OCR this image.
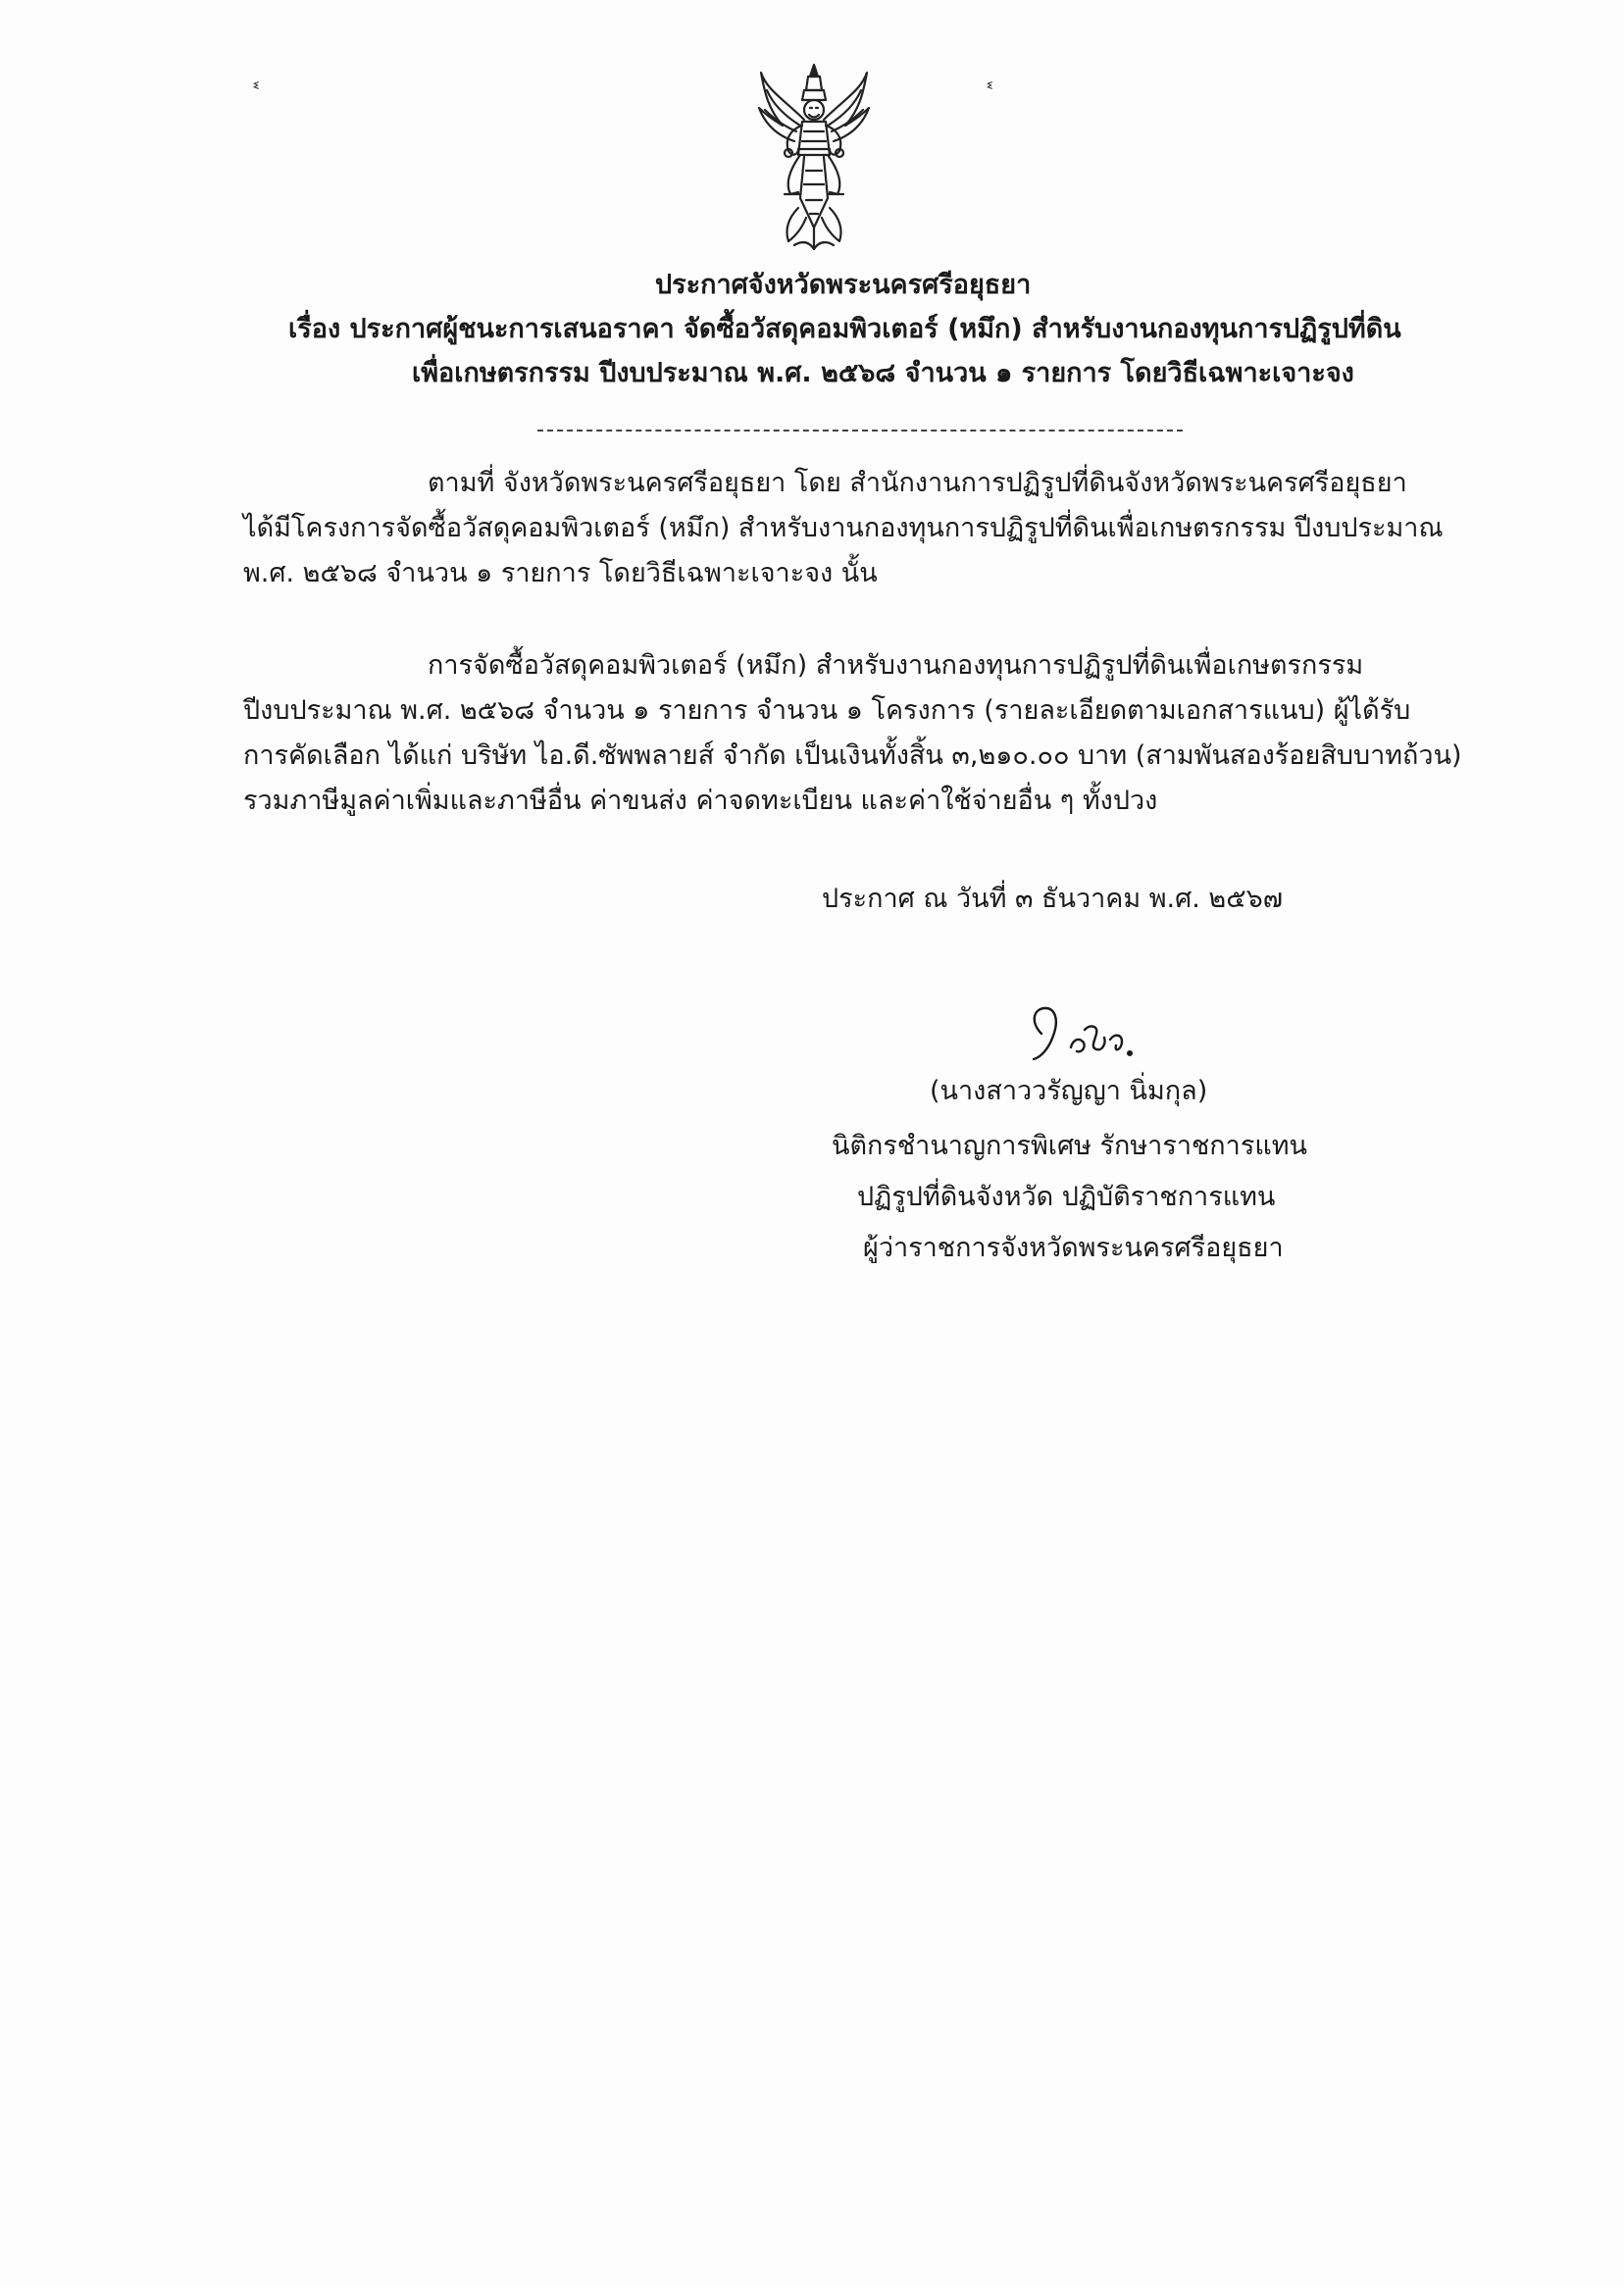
ᓫ	ᓫ
ประกาศจังหวัดพระนครศรีอยุธยา
เรื่อง ประกาศผู้ชนะการเสนอราคา จัดซื้อวัสดุคอมพิวเตอร์ (หมึก) สำหรับงานกองทุนการปฏิรูปที่ดิน
เพื่อเกษตรกรรม ปีงบประมาณ พ.ศ. ๒๕๖๘ จำนวน ๑ รายการ โดยวิธีเฉพาะเจาะจง
ตามที่ จังหวัดพระนครศรีอยุธยา โดย สำนักงานการปฏิรูปที่ดินจังหวัดพระนครศรีอยุธยา
ได้มีโครงการจัดซื้อวัสดุคอมพิวเตอร์ (หมึก) สำหรับงานกองทุนการปฏิรูปที่ดินเพื่อเกษตรกรรม ปีงบประมาณ
พ.ศ. ๒๕๖๘ จำนวน ๑ รายการ โดยวิธีเฉพาะเจาะจง นั้น
การจัดซื้อวัสดุคอมพิวเตอร์ (หมึก) สำหรับงานกองทุนการปฏิรูปที่ดินเพื่อเกษตรกรรม
ปีงบประมาณ พ.ศ. ๒๕๖๘ จำนวน ๑ รายการ จำนวน ๑ โครงการ (รายละเอียดตามเอกสารแนบ) ผู้ได้รับ
การคัดเลือก ได้แก่ บริษัท ไอ.ดี.ซัพพลายส์ จำกัด เป็นเงินทั้งสิ้น ๓,๒๑๐.๐๐ บาท (สามพันสองร้อยสิบบาทถ้วน)
รวมภาษีมูลค่าเพิ่มและภาษีอื่น ค่าขนส่ง ค่าจดทะเบียน และค่าใช้จ่ายอื่น ๆ ทั้งปวง
ประกาศ ณ วันที่ ๓ ธันวาคม พ.ศ. ๒๕๖๗
(นางสาววรัญญา นิ่มกุล)
นิติกรชำนาญการพิเศษ รักษาราชการแทน
ปฏิรูปที่ดินจังหวัด ปฏิบัติราชการแทน
ผู้ว่าราชการจังหวัดพระนครศรีอยุธยา
